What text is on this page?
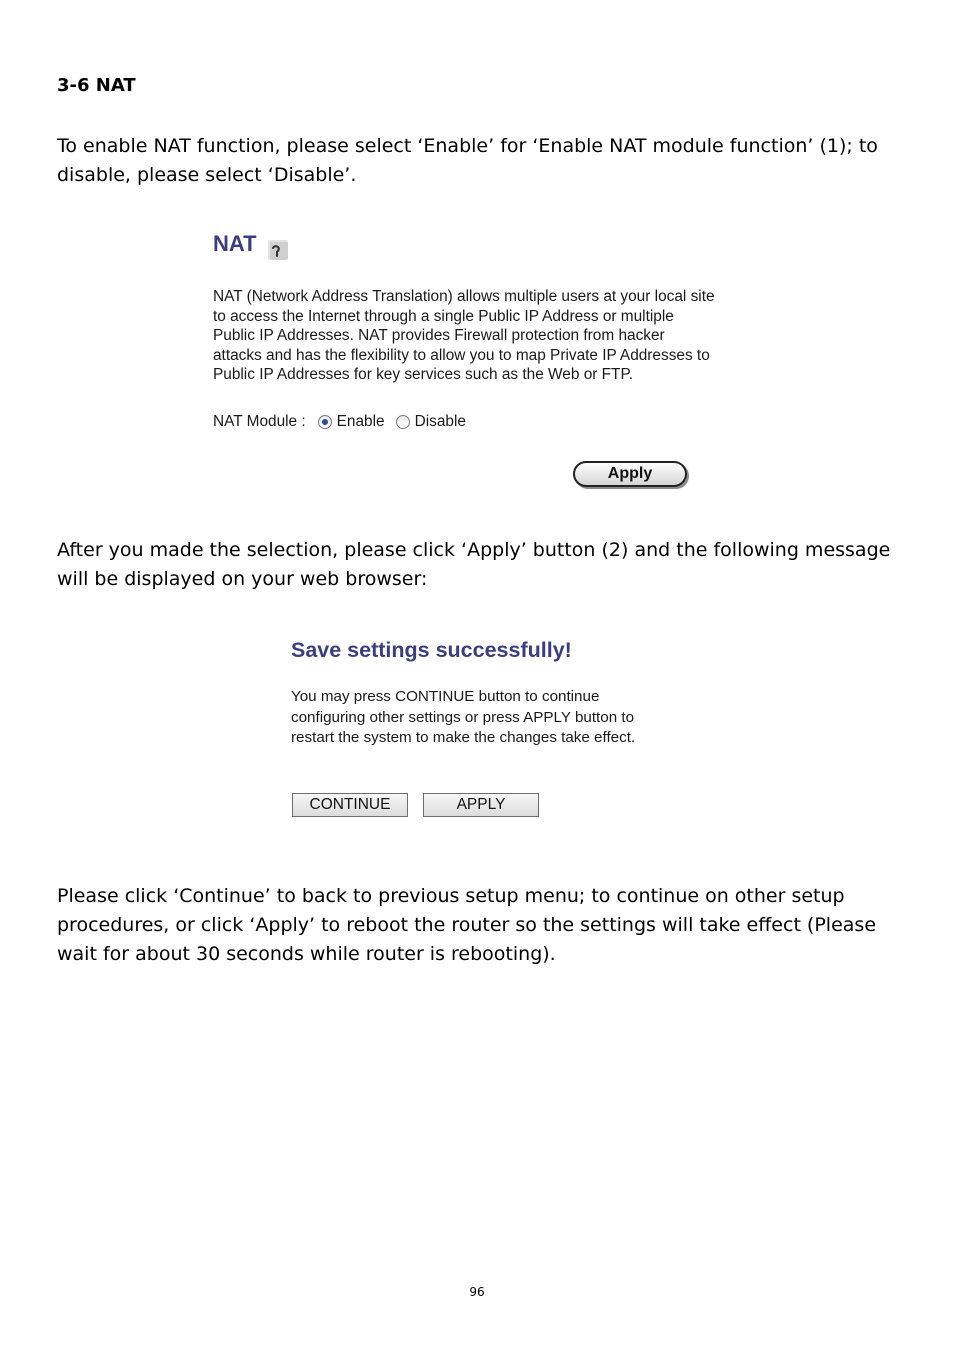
3-6 NAT

To enable NAT function, please select ‘Enable’ for ‘Enable NAT module function’ (1); to disable, please select ‘Disable’.

NAT

NAT (Network Address Translation) allows multiple users at your local site
to access the Internet through a single Public IP Address or multiple
Public IP Addresses. NAT provides Firewall protection from hacker
attacks and has the flexibility to allow you to map Private IP Addresses to
Public IP Addresses for key services such as the Web or FTP.

NAT Module : Enable Disable
Apply

After you made the selection, please click ‘Apply’ button (2) and the following message will be displayed on your web browser:

Save settings successfully!

You may press CONTINUE button to continue
configuring other settings or press APPLY button to
restart the system to make the changes take effect.

CONTINUE	APPLY

Please click ‘Continue’ to back to previous setup menu; to continue on other setup procedures, or click ‘Apply’ to reboot the router so the settings will take effect (Please wait for about 30 seconds while router is rebooting).

96
